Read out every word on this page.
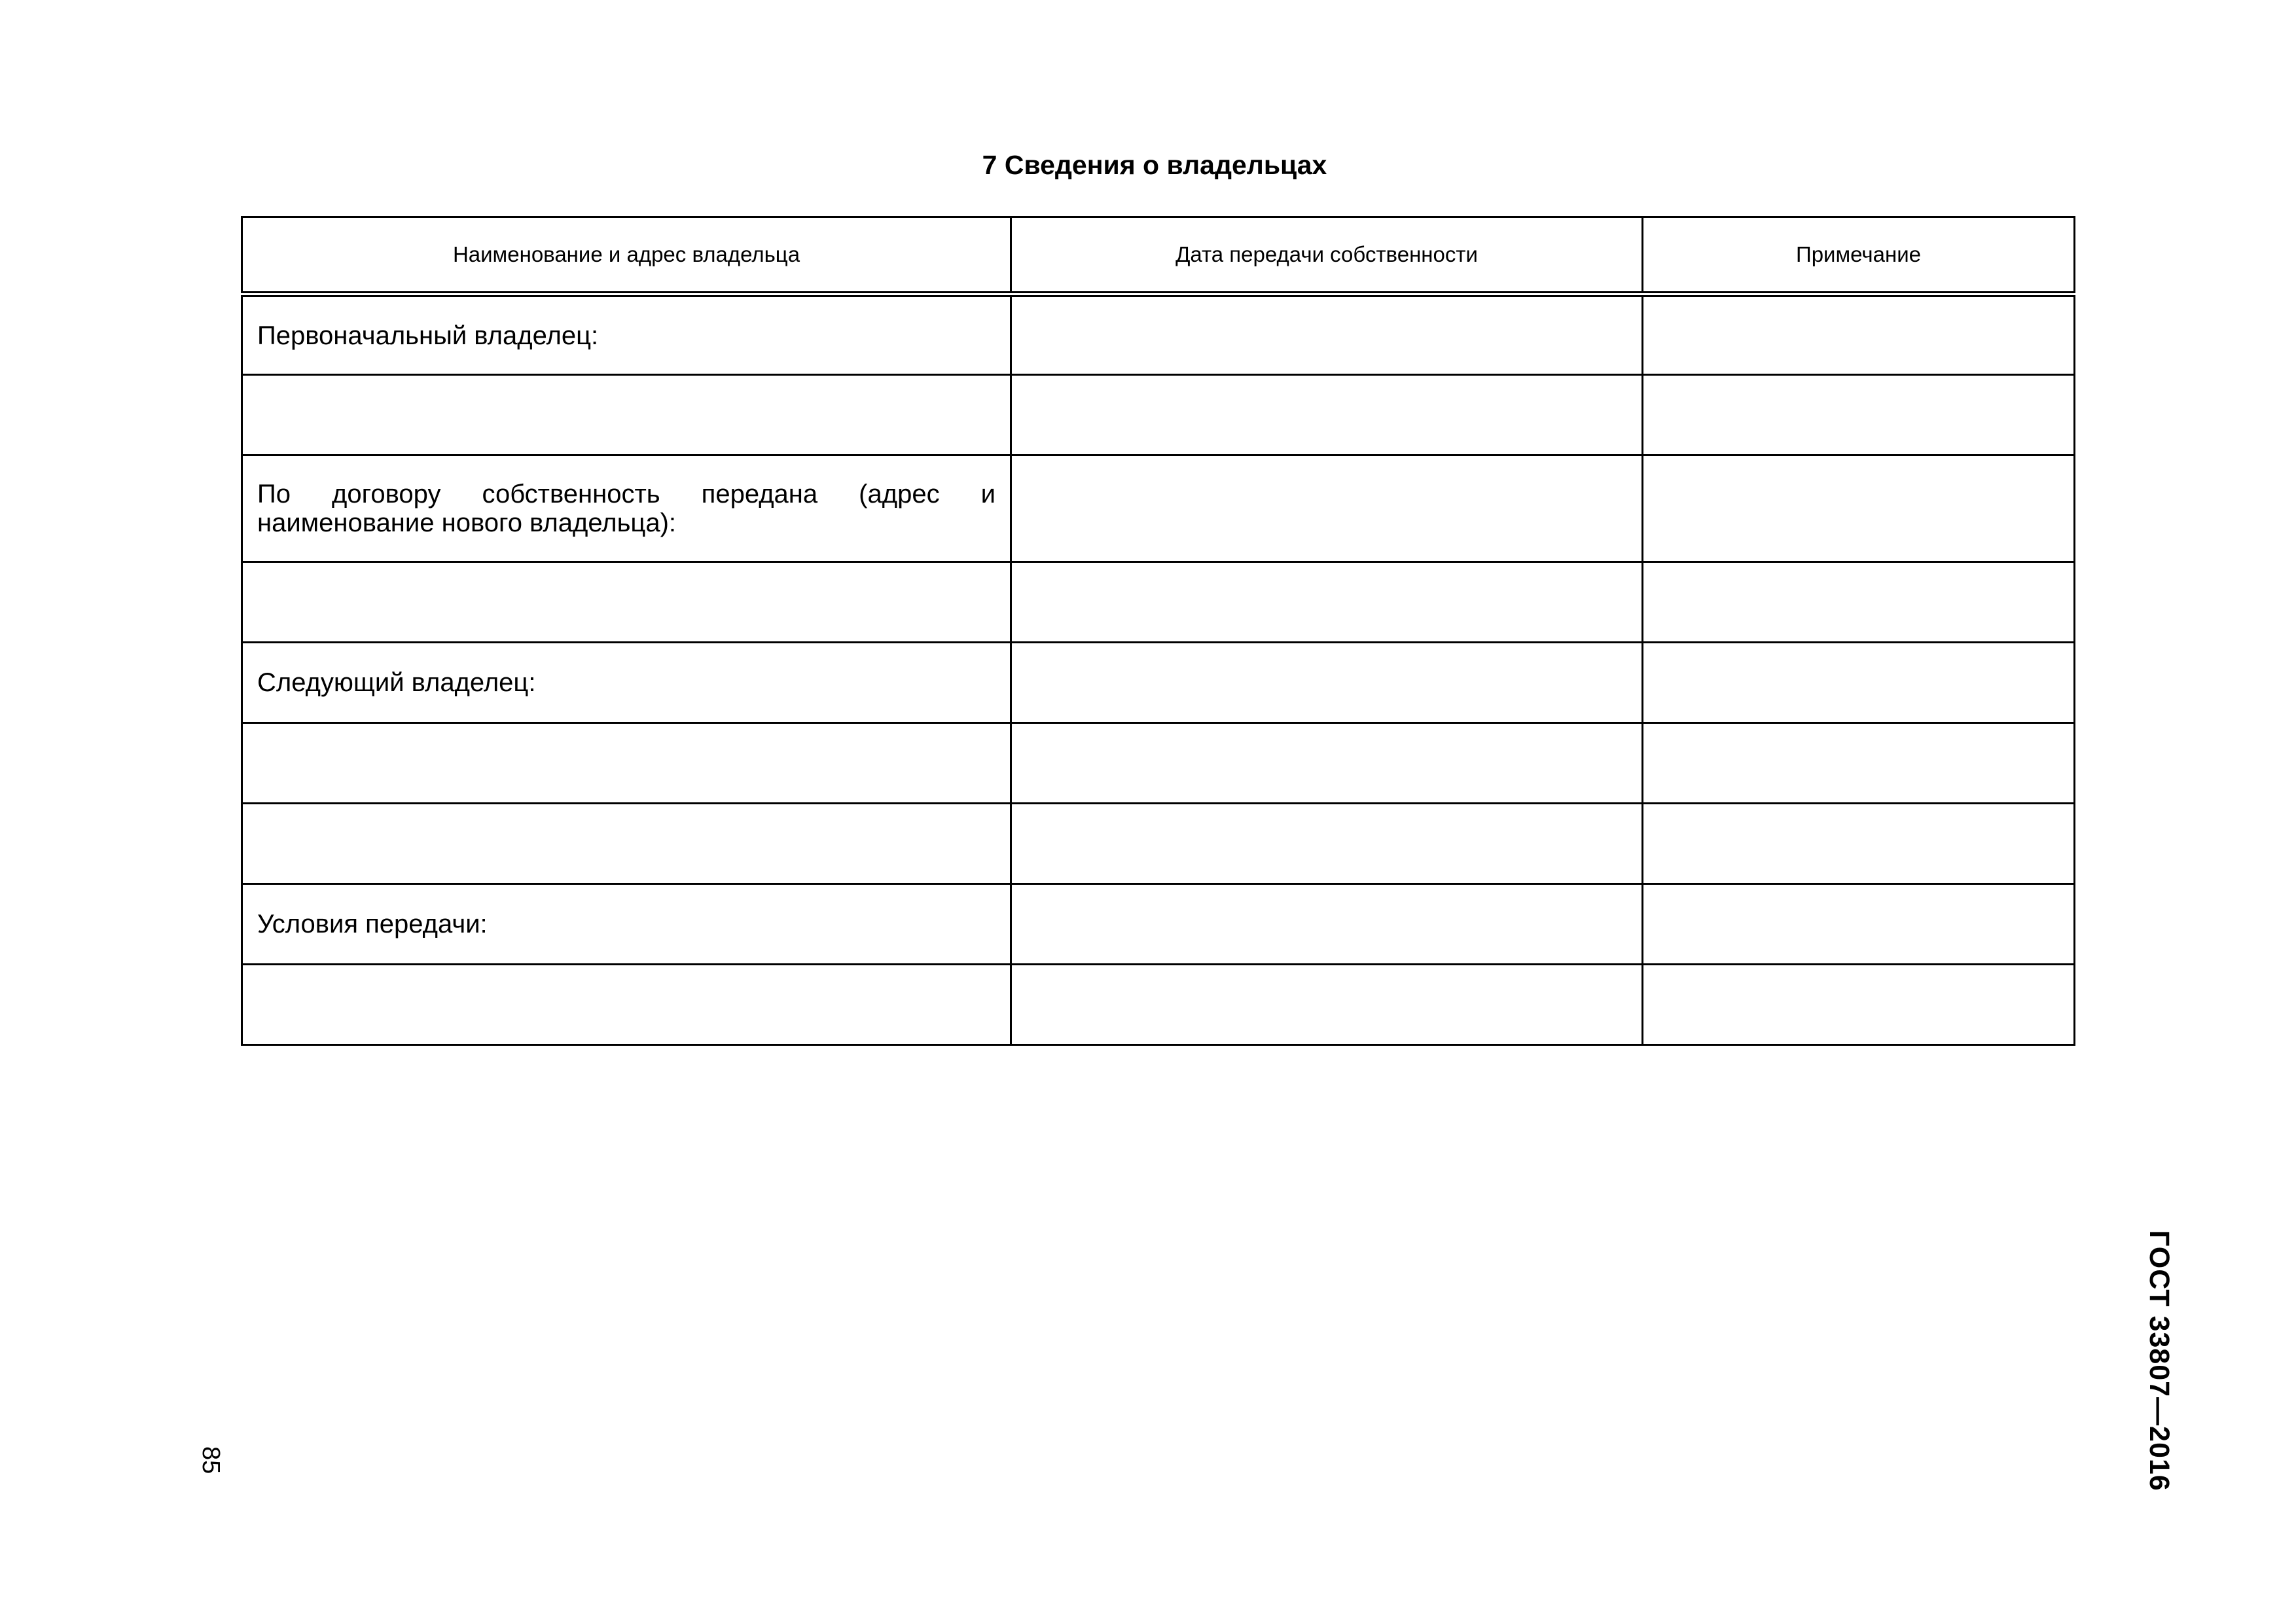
7 Сведения о владельцах
Наименование и адрес владельца	Дата передачи собственности	Примечание
Первоначальный владелец:		

По договору собственность передана (адрес и наименование нового владельца):		

Следующий владелец:		

Условия передачи:		

ГОСТ 33807—2016

85
